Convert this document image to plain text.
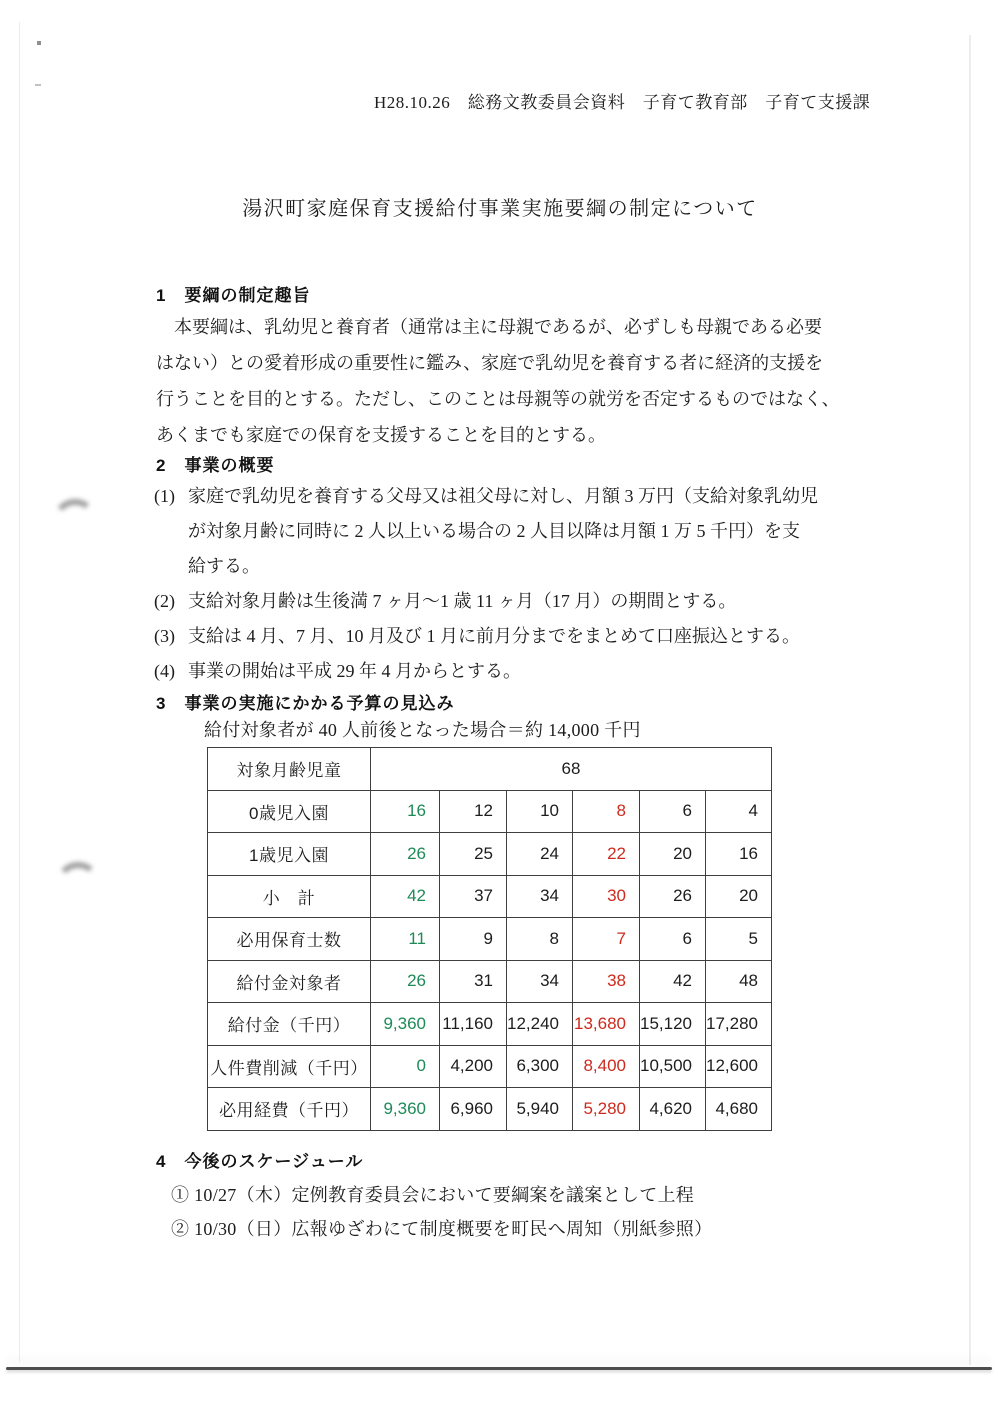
H28.10.26　総務文教委員会資料　子育て教育部　子育て支援課
湯沢町家庭保育支援給付事業実施要綱の制定について
1　要綱の制定趣旨
本要綱は、乳幼児と養育者（通常は主に母親であるが、必ずしも母親である必要
はない）との愛着形成の重要性に鑑み、家庭で乳幼児を養育する者に経済的支援を
行うことを目的とする。ただし、このことは母親等の就労を否定するものではなく、
あくまでも家庭での保育を支援することを目的とする。
2　事業の概要
(1) 家庭で乳幼児を養育する父母又は祖父母に対し、月額 3 万円（支給対象乳幼児
が対象月齢に同時に 2 人以上いる場合の 2 人目以降は月額 1 万 5 千円）を支
給する。
(2) 支給対象月齢は生後満 7 ヶ月～1 歳 11 ヶ月（17 月）の期間とする。
(3) 支給は 4 月、7 月、10 月及び 1 月に前月分までをまとめて口座振込とする。
(4) 事業の開始は平成 29 年 4 月からとする。
3　事業の実施にかかる予算の見込み
給付対象者が 40 人前後となった場合＝約 14,000 千円
対象月齢児童	68					
0歳児入園	16	12	10	8	6	4
1歳児入園	26	25	24	22	20	16
小　計	42	37	34	30	26	20
必用保育士数	11	9	8	7	6	5
給付金対象者	26	31	34	38	42	48
給付金（千円）	9,360	11,160	12,240	13,680	15,120	17,280
人件費削減（千円）	0	4,200	6,300	8,400	10,500	12,600
必用経費（千円）	9,360	6,960	5,940	5,280	4,620	4,680
4　今後のスケージュール
① 10/27（木）定例教育委員会において要綱案を議案として上程
② 10/30（日）広報ゆざわにて制度概要を町民へ周知（別紙参照）
